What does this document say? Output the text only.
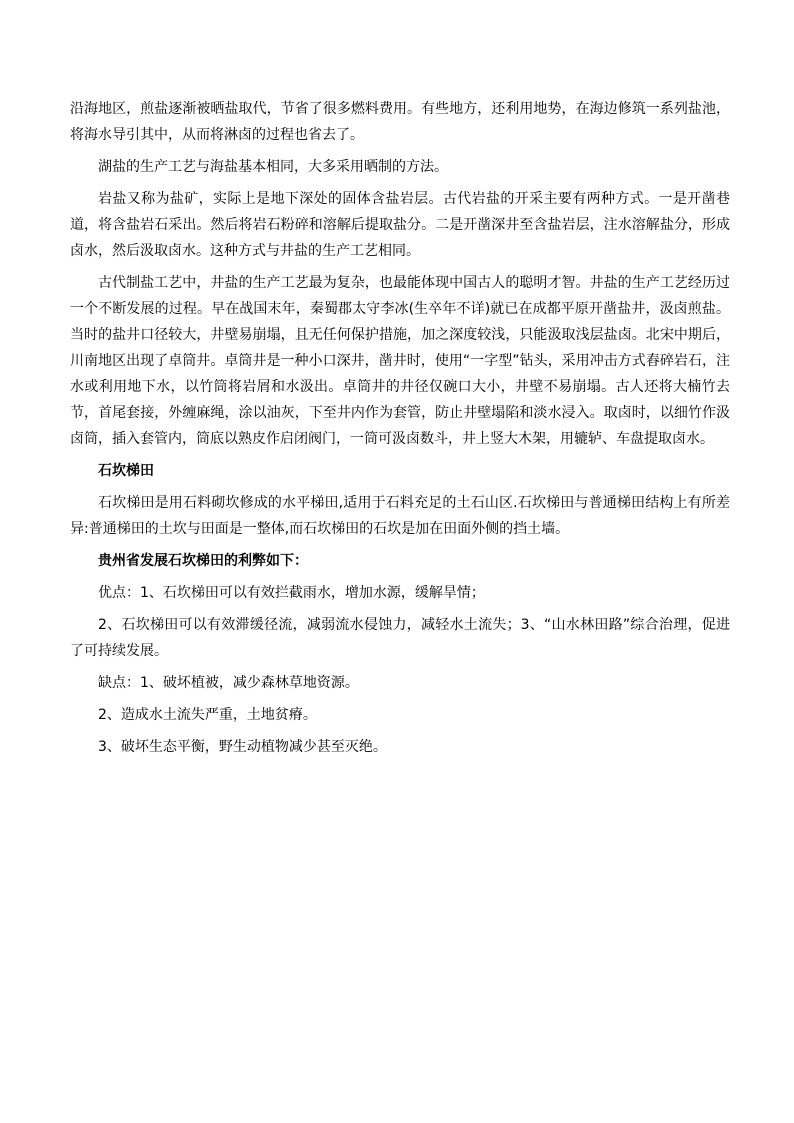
沿海地区，煎盐逐渐被晒盐取代，节省了很多燃料费用。有些地方，还利用地势，在海边修筑一系列盐池，将海水导引其中，从而将淋卤的过程也省去了。

湖盐的生产工艺与海盐基本相同，大多采用晒制的方法。

岩盐又称为盐矿，实际上是地下深处的固体含盐岩层。古代岩盐的开采主要有两种方式。一是开凿巷道，将含盐岩石采出。然后将岩石粉碎和溶解后提取盐分。二是开凿深井至含盐岩层，注水溶解盐分，形成卤水，然后汲取卤水。这种方式与井盐的生产工艺相同。

古代制盐工艺中，井盐的生产工艺最为复杂，也最能体现中国古人的聪明才智。井盐的生产工艺经历过一个不断发展的过程。早在战国末年，秦蜀郡太守李冰(生卒年不详)就已在成都平原开凿盐井，汲卤煎盐。当时的盐井口径较大，井壁易崩塌，且无任何保护措施，加之深度较浅，只能汲取浅层盐卤。北宋中期后，川南地区出现了卓筒井。卓筒井是一种小口深井，凿井时，使用“一字型”钻头，采用冲击方式舂碎岩石，注水或利用地下水，以竹筒将岩屑和水汲出。卓筒井的井径仅碗口大小，井壁不易崩塌。古人还将大楠竹去节，首尾套接，外缠麻绳，涂以油灰，下至井内作为套管，防止井壁塌陷和淡水浸入。取卤时，以细竹作汲卤筒，插入套管内，筒底以熟皮作启闭阀门，一筒可汲卤数斗，井上竖大木架，用辘轳、车盘提取卤水。

石坎梯田

石坎梯田是用石料砌坎修成的水平梯田,适用于石料充足的土石山区.石坎梯田与普通梯田结构上有所差异:普通梯田的土坎与田面是一整体,而石坎梯田的石坎是加在田面外侧的挡土墙。

贵州省发展石坎梯田的利弊如下：

优点：1、石坎梯田可以有效拦截雨水，增加水源，缓解旱情；

2、石坎梯田可以有效滞缓径流，减弱流水侵蚀力，减轻水土流失；3、“山水林田路”综合治理，促进了可持续发展。

缺点：1、破坏植被，减少森林草地资源。

2、造成水土流失严重，土地贫瘠。

3、破坏生态平衡，野生动植物减少甚至灭绝。
